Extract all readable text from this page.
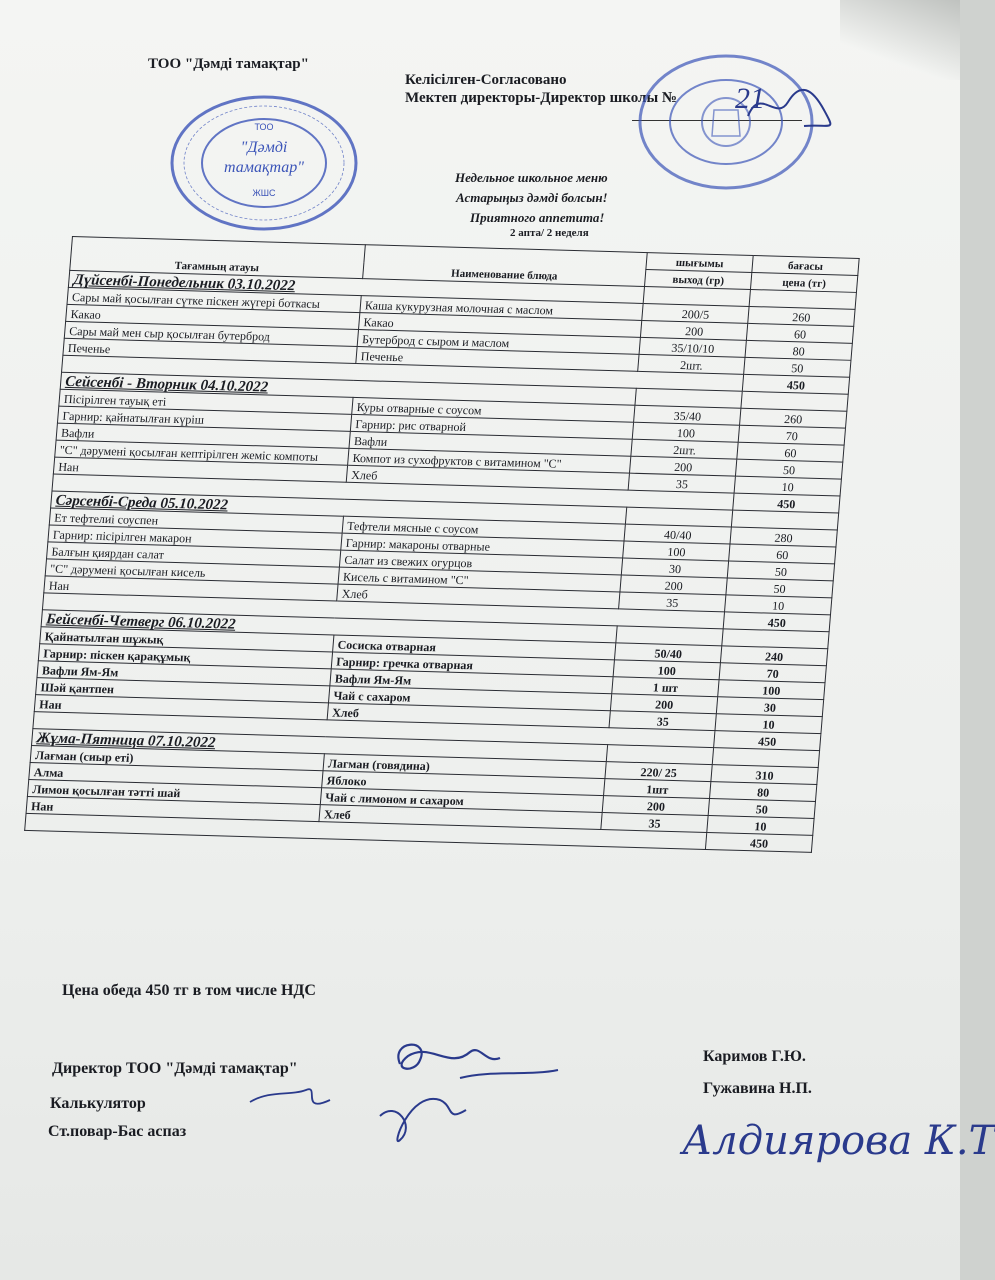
ТОО "Дәмді тамақтар"
Келісілген-Согласовано
Мектеп директоры-Директор школы №
ТОО
"Дәмді
тамақтар"
ЖШС
21
Недельное школьное меню
Астарыңыз дәмді болсын!
Приятного аппетита!
2 апта/ 2 неделя
Тағамның атауы	Наименование блюда	шығымы	бағасы
		выход (гр)	цена (тг)
Дүйсенбі-Понедельник 03.10.2022			
Сары май қосылған сүтке піскен жүгері боткасы	Каша кукурузная молочная с маслом	200/5	260
Какао	Какао	200	60
Сары май мен сыр қосылған бутерброд	Бутерброд с сыром и маслом	35/10/10	80
Печенье	Печенье	2шт.	50
			450
Сейсенбі - Вторник 04.10.2022			
Пісірілген тауық еті	Куры отварные с соусом	35/40	260
Гарнир: қайнатылған күріш	Гарнир: рис отварной	100	70
Вафли	Вафли	2шт.	60
"С" дәрумені қосылған кептірілген жеміс компоты	Компот из сухофруктов с витамином "С"	200	50
Нан	Хлеб	35	10
			450
Сәрсенбі-Среда 05.10.2022			
Ет тефтелиі соуспен	Тефтели мясные с соусом	40/40	280
Гарнир: пісірілген макарон	Гарнир: макароны отварные	100	60
Балғын қиярдан салат	Салат из свежих огурцов	30	50
"С" дәрумені қосылған кисель	Кисель с витамином "С"	200	50
Нан	Хлеб	35	10
			450
Бейсенбі-Четверг 06.10.2022			
Қайнатылған шұжық	Сосиска отварная	50/40	240
Гарнир: піскен қарақұмық	Гарнир: гречка отварная	100	70
Вафли Ям-Ям	Вафли Ям-Ям	1 шт	100
Шәй қантпен	Чай с сахаром	200	30
Нан	Хлеб	35	10
			450
Жұма-Пятница 07.10.2022			
Лағман (сиыр еті)	Лагман (говядина)	220/ 25	310
Алма	Яблоко	1шт	80
Лимон қосылған тәтті шай	Чай с лимоном и сахаром	200	50
Нан	Хлеб	35	10
			450
Цена обеда 450 тг в том числе НДС
Директор ТОО "Дәмді тамақтар"
Калькулятор
Ст.повар-Бас аспаз
Каримов Г.Ю.
Гужавина Н.П.
Алдиярова К.Т
